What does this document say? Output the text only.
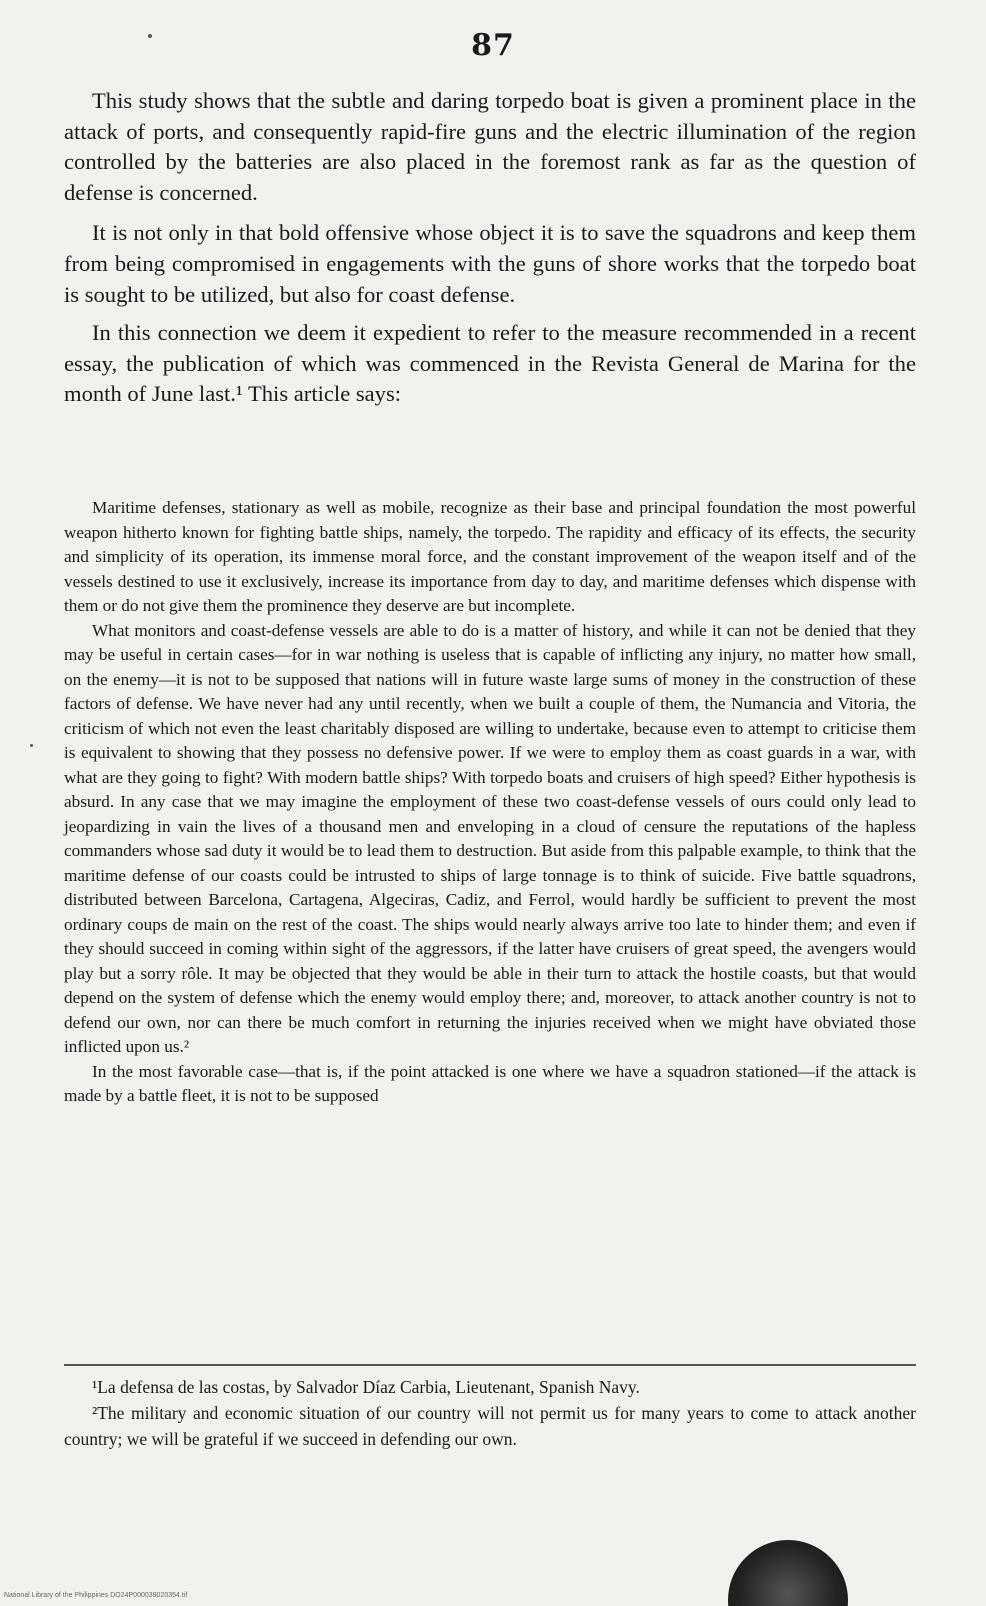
87

This study shows that the subtle and daring torpedo boat is given a prominent place in the attack of ports, and consequently rapid-fire guns and the electric illumination of the region controlled by the batteries are also placed in the foremost rank as far as the question of defense is concerned.

It is not only in that bold offensive whose object it is to save the squadrons and keep them from being compromised in engagements with the guns of shore works that the torpedo boat is sought to be utilized, but also for coast defense.

In this connection we deem it expedient to refer to the measure recommended in a recent essay, the publication of which was commenced in the Revista General de Marina for the month of June last.¹ This article says:

Maritime defenses, stationary as well as mobile, recognize as their base and principal foundation the most powerful weapon hitherto known for fighting battle ships, namely, the torpedo. The rapidity and efficacy of its effects, the security and simplicity of its operation, its immense moral force, and the constant improvement of the weapon itself and of the vessels destined to use it exclusively, increase its importance from day to day, and maritime defenses which dispense with them or do not give them the prominence they deserve are but incomplete.

What monitors and coast-defense vessels are able to do is a matter of history, and while it can not be denied that they may be useful in certain cases—for in war nothing is useless that is capable of inflicting any injury, no matter how small, on the enemy—it is not to be supposed that nations will in future waste large sums of money in the construction of these factors of defense. We have never had any until recently, when we built a couple of them, the Numancia and Vitoria, the criticism of which not even the least charitably disposed are willing to undertake, because even to attempt to criticise them is equivalent to showing that they possess no defensive power. If we were to employ them as coast guards in a war, with what are they going to fight? With modern battle ships? With torpedo boats and cruisers of high speed? Either hypothesis is absurd. In any case that we may imagine the employment of these two coast-defense vessels of ours could only lead to jeopardizing in vain the lives of a thousand men and enveloping in a cloud of censure the reputations of the hapless commanders whose sad duty it would be to lead them to destruction. But aside from this palpable example, to think that the maritime defense of our coasts could be intrusted to ships of large tonnage is to think of suicide. Five battle squadrons, distributed between Barcelona, Cartagena, Algeciras, Cadiz, and Ferrol, would hardly be sufficient to prevent the most ordinary coups de main on the rest of the coast. The ships would nearly always arrive too late to hinder them; and even if they should succeed in coming within sight of the aggressors, if the latter have cruisers of great speed, the avengers would play but a sorry rôle. It may be objected that they would be able in their turn to attack the hostile coasts, but that would depend on the system of defense which the enemy would employ there; and, moreover, to attack another country is not to defend our own, nor can there be much comfort in returning the injuries received when we might have obviated those inflicted upon us.²

In the most favorable case—that is, if the point attacked is one where we have a squadron stationed—if the attack is made by a battle fleet, it is not to be supposed

¹La defensa de las costas, by Salvador Díaz Carbia, Lieutenant, Spanish Navy.

²The military and economic situation of our country will not permit us for many years to come to attack another country; we will be grateful if we succeed in defending our own.

National Library of the Philippines DO24P000039020354.tif
